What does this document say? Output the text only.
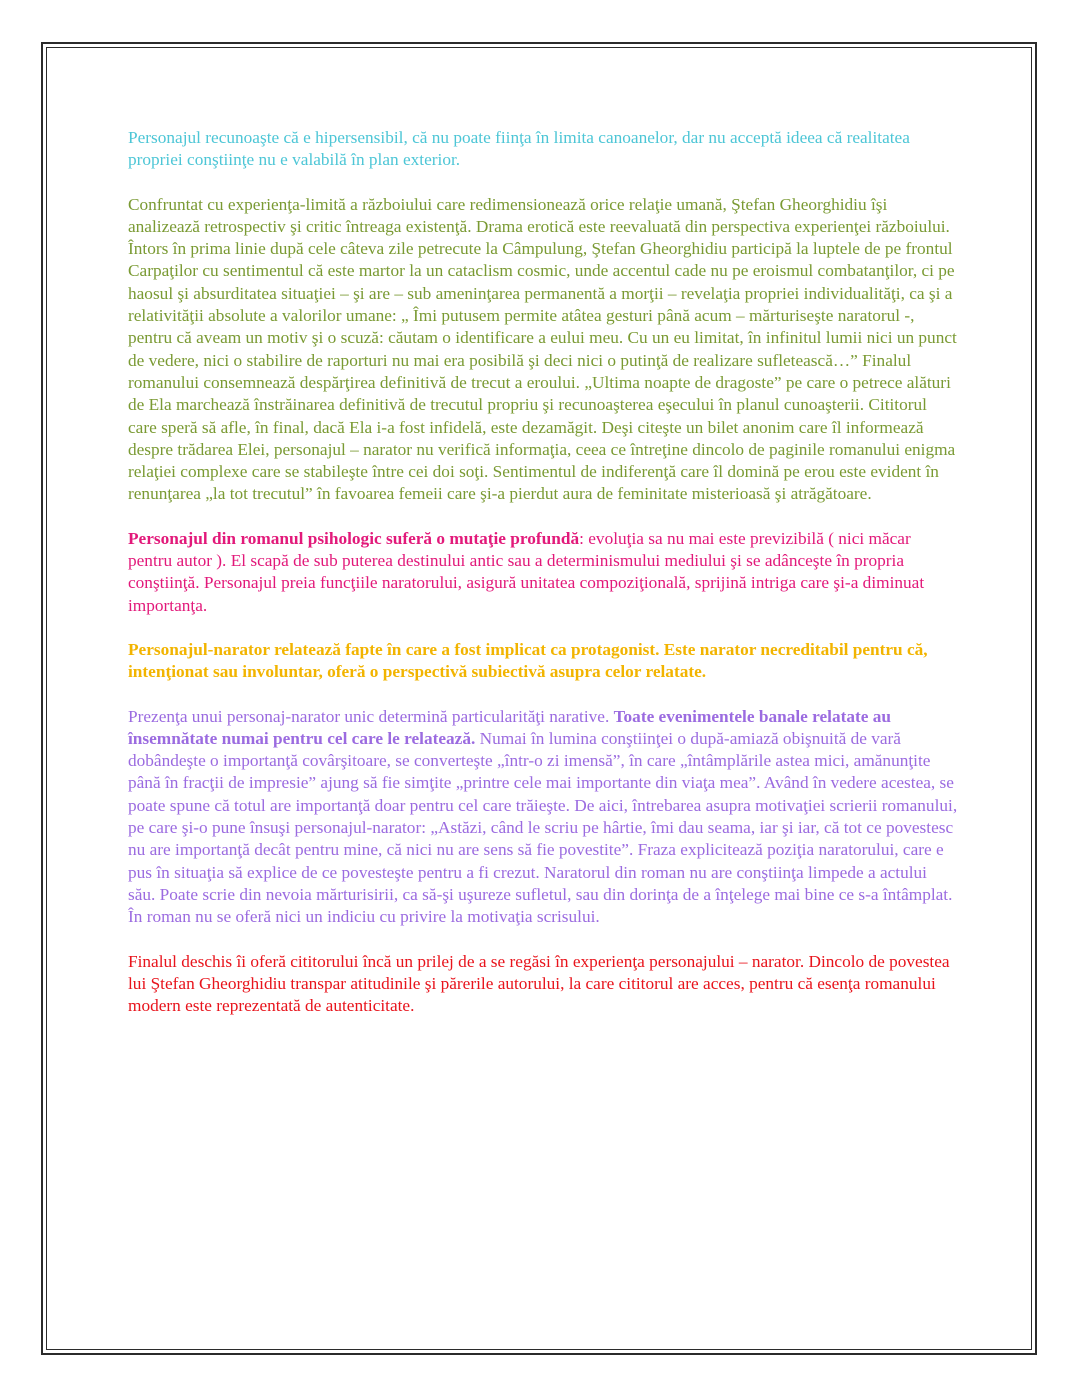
Personajul recunoaşte că e hipersensibil, că nu poate fiinţa în limita canoanelor, dar nu acceptă ideea că realitatea propriei conştiinţe nu e valabilă în plan exterior.

Confruntat cu experienţa-limită a războiului care redimensionează orice relaţie umană, Ştefan Gheorghidiu îşi analizează retrospectiv şi critic întreaga existenţă. Drama erotică este reevaluată din perspectiva experienţei războiului. Întors în prima linie după cele câteva zile petrecute la Câmpulung, Ştefan Gheorghidiu participă la luptele de pe frontul Carpaţilor cu sentimentul că este martor la un cataclism cosmic, unde accentul cade nu pe eroismul combatanţilor, ci pe haosul şi absurditatea situaţiei – şi are – sub ameninţarea permanentă a morţii – revelaţia propriei individualităţi, ca şi a relativităţii absolute a valorilor umane: „ Îmi putusem permite atâtea gesturi până acum – mărturiseşte naratorul -, pentru că aveam un motiv şi o scuză: căutam o identificare a eului meu. Cu un eu limitat, în infinitul lumii nici un punct de vedere, nici o stabilire de raporturi nu mai era posibilă şi deci nici o putinţă de realizare sufletească…” Finalul romanului consemnează despărţirea definitivă de trecut a eroului. „Ultima noapte de dragoste” pe care o petrece alături de Ela marchează înstrăinarea definitivă de trecutul propriu şi recunoaşterea eşecului în planul cunoaşterii. Cititorul care speră să afle, în final, dacă Ela i-a fost infidelă, este dezamăgit. Deşi citeşte un bilet anonim care îl informează despre trădarea Elei, personajul – narator nu verifică informaţia, ceea ce întreţine dincolo de paginile romanului enigma relaţiei complexe care se stabileşte între cei doi soţi. Sentimentul de indiferenţă care îl domină pe erou este evident în renunţarea „la tot trecutul” în favoarea femeii care şi-a pierdut aura de feminitate misterioasă şi atrăgătoare.

Personajul din romanul psihologic suferă o mutaţie profundă: evoluţia sa nu mai este previzibilă ( nici măcar pentru autor ). El scapă de sub puterea destinului antic sau a determinismului mediului şi se adânceşte în propria conştiinţă. Personajul preia funcţiile naratorului, asigură unitatea compoziţională, sprijină intriga care şi-a diminuat importanţa.

Personajul-narator relatează fapte în care a fost implicat ca protagonist. Este narator necreditabil pentru că, intenţionat sau involuntar, oferă o perspectivă subiectivă asupra celor relatate.

Prezenţa unui personaj-narator unic determină particularităţi narative. Toate evenimentele banale relatate au însemnătate numai pentru cel care le relatează. Numai în lumina conştiinţei o după-amiază obişnuită de vară dobândeşte o importanţă covârşitoare, se converteşte „într-o zi imensă”, în care „întâmplările astea mici, amănunţite până în fracţii de impresie” ajung să fie simţite „printre cele mai importante din viaţa mea”. Având în vedere acestea, se poate spune că totul are importanţă doar pentru cel care trăieşte. De aici, întrebarea asupra motivaţiei scrierii romanului, pe care şi-o pune însuşi personajul-narator: „Astăzi, când le scriu pe hârtie, îmi dau seama, iar şi iar, că tot ce povestesc nu are importanţă decât pentru mine, că nici nu are sens să fie povestite”. Fraza explicitează poziţia naratorului, care e pus în situaţia să explice de ce povesteşte pentru a fi crezut. Naratorul din roman nu are conştiinţa limpede a actului său. Poate scrie din nevoia mărturisirii, ca să-şi uşureze sufletul, sau din dorinţa de a înţelege mai bine ce s-a întâmplat. În roman nu se oferă nici un indiciu cu privire la motivaţia scrisului.

Finalul deschis îi oferă cititorului încă un prilej de a se regăsi în experienţa personajului – narator. Dincolo de povestea lui Ştefan Gheorghidiu transpar atitudinile şi părerile autorului, la care cititorul are acces, pentru că esenţa romanului modern este reprezentată de autenticitate.
